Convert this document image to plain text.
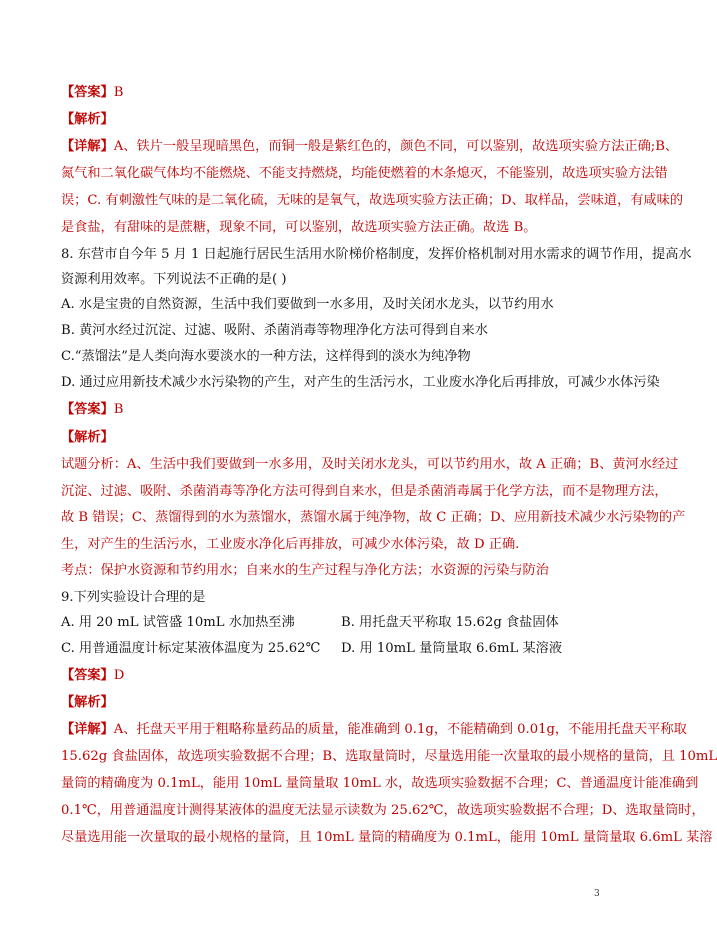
【答案】B
【解析】
【详解】A、铁片一般呈现暗黑色，而铜一般是紫红色的，颜色不同，可以鉴别，故选项实验方法正确;B、
氮气和二氧化碳气体均不能燃烧、不能支持燃烧，均能使燃着的木条熄灭，不能鉴别，故选项实验方法错
误；C. 有刺激性气味的是二氧化硫，无味的是氧气，故选项实验方法正确；D、取样品，尝味道，有咸味的
是食盐，有甜味的是蔗糖，现象不同，可以鉴别，故选项实验方法正确。故选 B。
8. 东营市自今年 5 月 1 日起施行居民生活用水阶梯价格制度，发挥价格机制对用水需求的调节作用，提高水
资源利用效率。下列说法不正确的是( )
A. 水是宝贵的自然资源，生活中我们要做到一水多用，及时关闭水龙头，以节约用水
B. 黄河水经过沉淀、过滤、吸附、杀菌消毒等物理净化方法可得到自来水
C.“蒸馏法”是人类向海水要淡水的一种方法，这样得到的淡水为纯净物
D. 通过应用新技术减少水污染物的产生，对产生的生活污水，工业废水净化后再排放，可减少水体污染
【答案】B
【解析】
试题分析：A、生活中我们要做到一水多用，及时关闭水龙头，可以节约用水，故 A 正确；B、黄河水经过
沉淀、过滤、吸附、杀菌消毒等净化方法可得到自来水，但是杀菌消毒属于化学方法，而不是物理方法，
故 B 错误；C、蒸馏得到的水为蒸馏水，蒸馏水属于纯净物，故 C 正确；D、应用新技术减少水污染物的产
生，对产生的生活污水，工业废水净化后再排放，可减少水体污染，故 D 正确.
考点：保护水资源和节约用水；自来水的生产过程与净化方法；水资源的污染与防治
9.下列实验设计合理的是
A. 用 20 mL 试管盛 10mL 水加热至沸	B. 用托盘天平称取 15.62g 食盐固体
C. 用普通温度计标定某液体温度为 25.62℃ D. 用 10mL 量筒量取 6.6mL 某溶液
【答案】D
【解析】
【详解】A、托盘天平用于粗略称量药品的质量，能准确到 0.1g，不能精确到 0.01g，不能用托盘天平称取
15.62g 食盐固体，故选项实验数据不合理；B、选取量筒时，尽量选用能一次量取的最小规格的量筒，且 10mL
量筒的精确度为 0.1mL，能用 10mL 量筒量取 10mL 水，故选项实验数据不合理；C、普通温度计能准确到
0.1℃，用普通温度计测得某液体的温度无法显示读数为 25.62℃，故选项实验数据不合理；D、选取量筒时，
尽量选用能一次量取的最小规格的量筒，且 10mL 量筒的精确度为 0.1mL，能用 10mL 量筒量取 6.6mL 某溶
3
